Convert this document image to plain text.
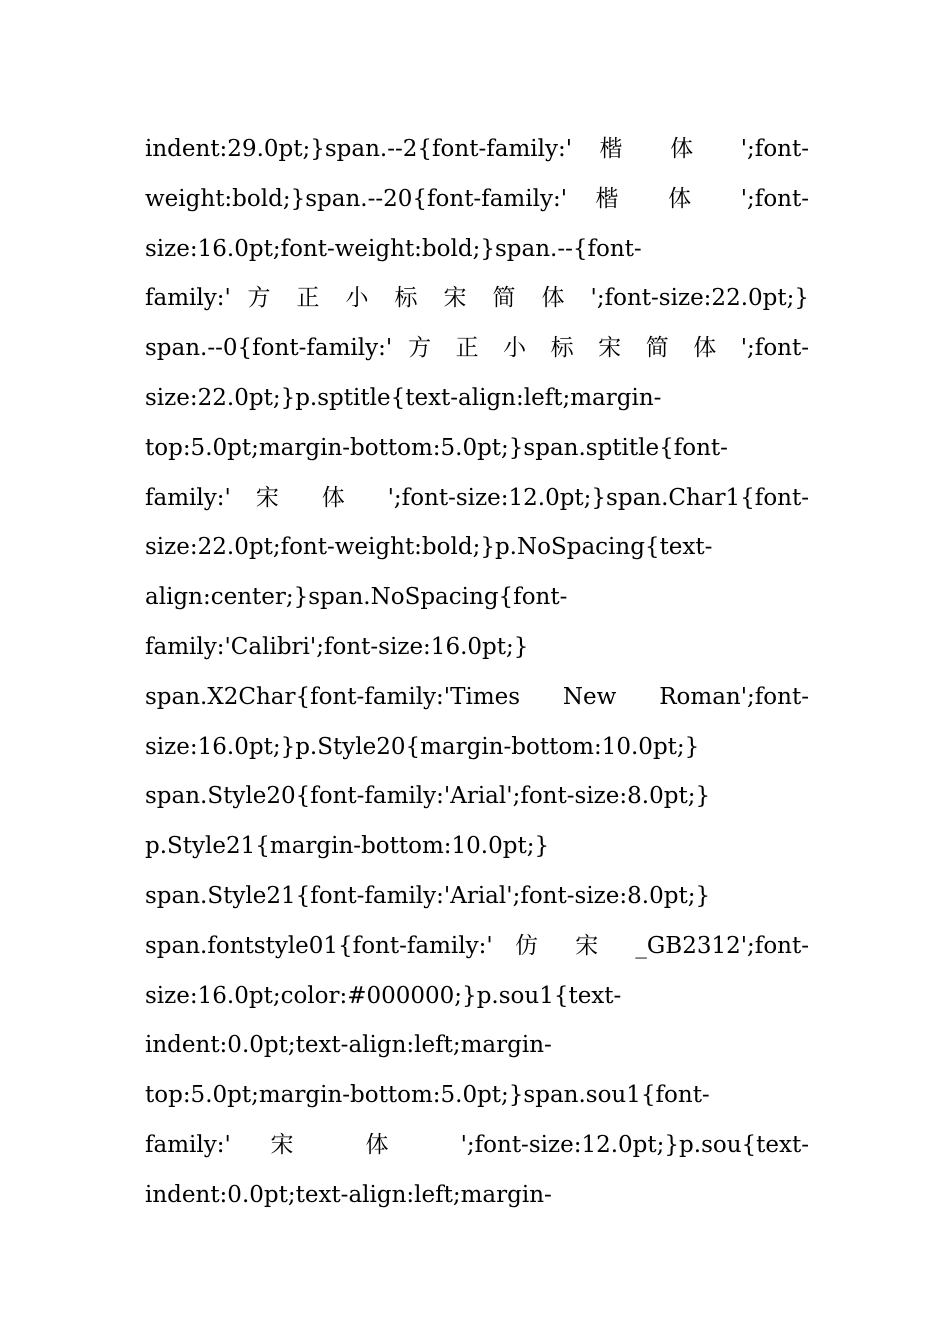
indent:29.0pt;}span.--2{font-family:' 楷 体 ';font-
weight:bold;}span.--20{font-family:' 楷 体 ';font-
size:16.0pt;font-weight:bold;}span.--{font-
family:' 方 正 小 标 宋 简 体 ';font-size:22.0pt;}
span.--0{font-family:' 方 正 小 标 宋 简 体 ';font-
size:22.0pt;}p.sptitle{text-align:left;margin-
top:5.0pt;margin-bottom:5.0pt;}span.sptitle{font-
family:' 宋 体 ';font-size:12.0pt;}span.Char1{font-
size:22.0pt;font-weight:bold;}p.NoSpacing{text-
align:center;}span.NoSpacing{font-
family:'Calibri';font-size:16.0pt;}
span.X2Char{font-family:'Times New Roman';font-
size:16.0pt;}p.Style20{margin-bottom:10.0pt;}
span.Style20{font-family:'Arial';font-size:8.0pt;}
p.Style21{margin-bottom:10.0pt;}
span.Style21{font-family:'Arial';font-size:8.0pt;}
span.fontstyle01{font-family:' 仿 宋 _GB2312';font-
size:16.0pt;color:#000000;}p.sou1{text-
indent:0.0pt;text-align:left;margin-
top:5.0pt;margin-bottom:5.0pt;}span.sou1{font-
family:' 宋 体 ';font-size:12.0pt;}p.sou{text-
indent:0.0pt;text-align:left;margin-
